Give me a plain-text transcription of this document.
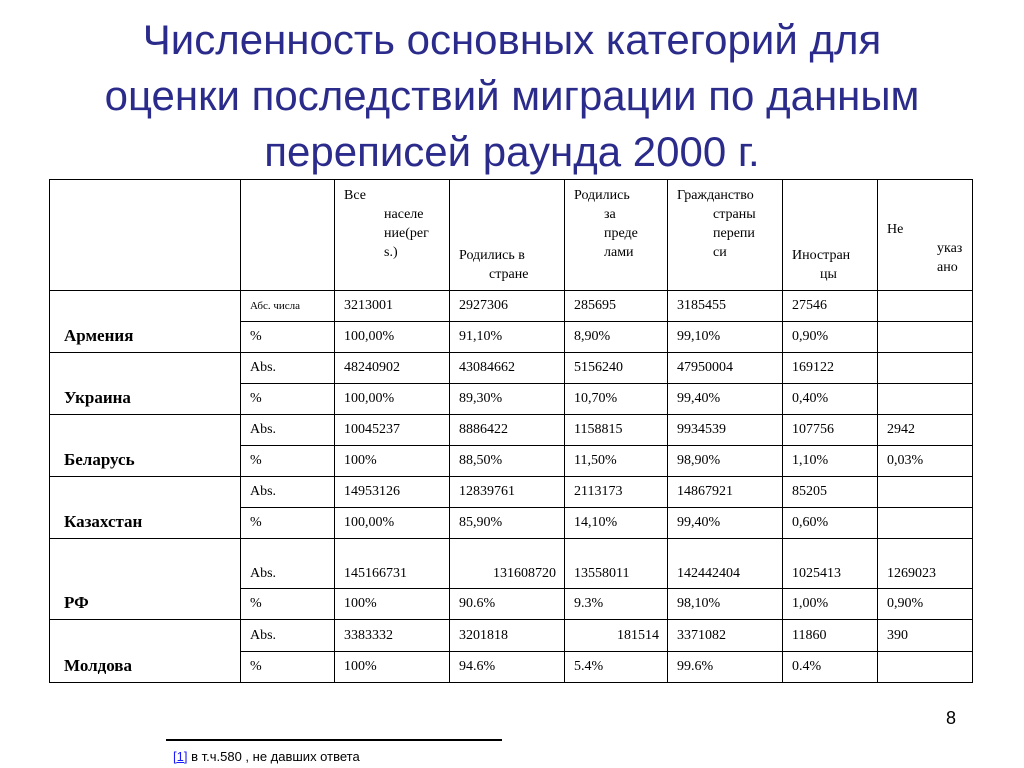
Численность основных категорий для
оценки последствий миграции по данным
переписей раунда 2000 г.

		Все
населе
ние(рег
s.)	Родились в
стране	Родились
за
преде
лами	Гражданство
страны
перепи
си	Иностран
цы	Не
указ
ано

Армения	Абс. числа	3213001	2927306	285695	3185455	27546	
	%	100,00%	91,10%	8,90%	99,10%	0,90%	
Украина	Abs.	48240902	43084662	5156240	47950004	169122	
	%	100,00%	89,30%	10,70%	99,40%	0,40%	
Беларусь	Abs.	10045237	8886422	1158815	9934539	107756	2942
	%	100%	88,50%	11,50%	98,90%	1,10%	0,03%
Казахстан	Abs.	14953126	12839761	2113173	14867921	85205	
	%	100,00%	85,90%	14,10%	99,40%	0,60%	
РФ	Abs.	145166731	131608720	13558011	142442404	1025413	1269023
	%	100%	90.6%	9.3%	98,10%	1,00%	0,90%
Молдова	Abs.	3383332	3201818	181514	3371082	11860	390
	%	100%	94.6%	5.4%	99.6%	0.4%	
8
[1] в т.ч.580 , не давших ответа
